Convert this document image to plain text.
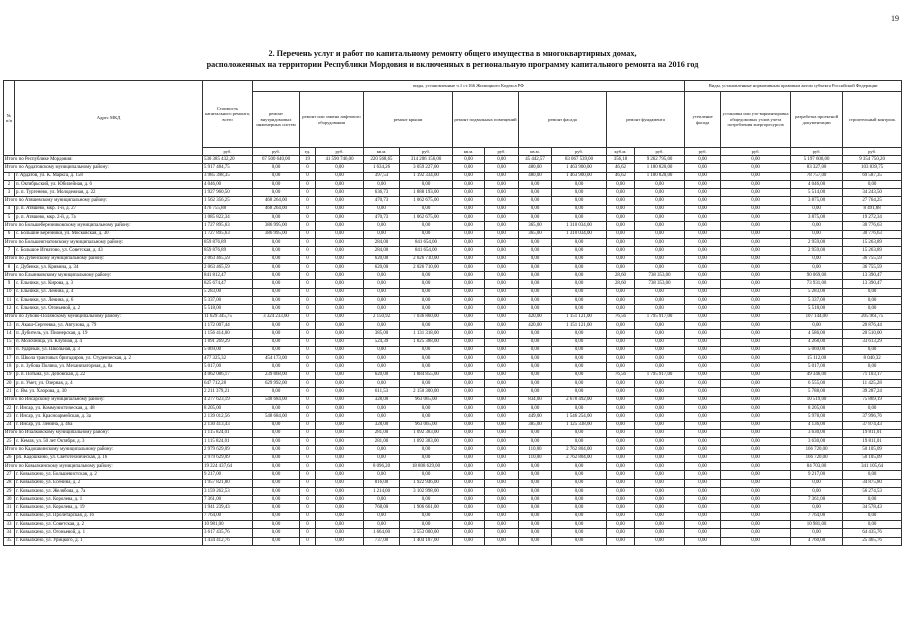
19
2. Перечень услуг и работ по капитальному ремонту общего имущества в многоквартирных домах,
расположенных на территории Республики Мордовия и включенных в региональную программу капитального ремонта на 2016 год
№ п/п	Адрес МКД	Стоимость капитального ремонта, всего	виды, установленные ч.1 ст.166 Жилищного Кодекса РФ											Виды, установленные нормативным правовым актом субъекта Российской Федерации			
			ремонт внутридомовых инженерных систем	ремонт или замена лифтового оборудования		ремонт крыши		ремонт подвальных помещений		ремонт фасада		ремонт фундамента		утепление фасада	установка или узо-вариантировка общедомовых узлов учета потребления энергоресурсов	разработка проектной документации	строительный контроль
		руб.	руб.	ед.	руб.	кв.м.	руб.	кв.м.	руб.	кв.м.	руб.	куб.м.	руб.	руб.	руб.	руб.	руб.
Итого по Республике Мордовия:		530 385 432,20	67 500 640,00	19	41 590 746,00	220 568,65	314 206 156,00	0,00	0,00	45 442,57	83 067 539,00	356,18	9 262 795,00	0,00	0,00	5 197 600,00	9 354 750,20
Итого по Ардатовскому муниципальному району:		5 917 484,75	0,00	0	0,00	1 634,26	3 059 227,00	0,00	0,00	480,00	1 463 900,00	46,62	1 180 820,00	0,00	0,00	83 327,00	103 839,75
1	г. Ардатов, ул. К. Маркса, д. 158	3 985 398,35	0,00	0	0,00	397,53	1 192 334,00	0,00	0,00	480,00	1 463 900,00	46,62	1 180 820,00	0,00	0,00	78 757,00	69 587,35
2	п. Октябрьский, ул. Юбилейная, д. 6	4 046,00	0,00	0	0,00	0,00	0,00	0,00	0,00	0,00	0,00	0,00	0,00	0,00	0,00	4 046,00	0,00
3	р. п. Тургенево, ул. Молодежная, д. 22	1 927 960,50	0,00	0	0,00	636,73	1 888 193,00	0,00	0,00	0,00	0,00	0,00	0,00	0,00	0,00	5 514,00	34 243,50
Итого по Атяшевскому муниципальному району:		1 562 356,25	468 264,00	0	0,00	470,73	1 062 675,00	0,00	0,00	0,00	0,00	0,00	0,00	0,00	0,00	3 875,00	27 764,25
4	р. п. Атяшево, мкр. 1-й, д. 27	476 755,88	468 264,00	0	0,00	0,00	0,00	0,00	0,00	0,00	0,00	0,00	0,00	0,00	0,00	0,00	8 491,88
5	р. п. Атяшево, мкр. 2-й, д. 7а	1 085 822,34	0,00	0	0,00	470,73	1 062 675,00	0,00	0,00	0,00	0,00	0,00	0,00	0,00	0,00	3 875,00	19 272,34
Итого по Большеберезниковскому муниципальному району:		1 727 895,63	386 995,00	0	0,00	0,00	0,00	0,00	0,00	365,00	1 310 034,00	0,00	0,00	0,00	0,00	0,00	30 776,63
6	с. Большие Березники, ул. Московская, д. 30	1 727 895,63	386 995,00	0	0,00	0,00	0,00	0,00	0,00	365,00	1 310 034,00	0,00	0,00	0,00	0,00	0,00	30 776,63
Итого по Большеигнатовскому муниципальному району:		859 876,89	0,00	0	0,00	284,00	841 654,00	0,00	0,00	0,00	0,00	0,00	0,00	0,00	0,00	2 959,00	15 263,89
7	с. Большое Игнатово, ул. Советская, д. 43	859 876,89	0,00	0	0,00	284,00	841 654,00	0,00	0,00	0,00	0,00	0,00	0,00	0,00	0,00	2 959,00	15 263,89
Итого по Дубенскому муниципальному району:		2 063 465,59	0,00	0	0,00	620,00	2 026 710,00	0,00	0,00	0,00	0,00	0,00	0,00	0,00	0,00	0,00	36 755,59
8	с. Дубенки, ул. Кривина, д. 34	2 063 465,59	0,00	0	0,00	620,00	2 026 710,00	0,00	0,00	0,00	0,00	0,00	0,00	0,00	0,00	0,00	36 755,59
Итого по Ельниковскому муниципальному району:		841 812,47	0,00	0	0,00	0,00	0,00	0,00	0,00	0,00	0,00	28,60	738 353,00	0,00	0,00	90 069,00	13 390,47
9	с. Ельники, ул. Кирова, д. 3	825 674,47	0,00	0	0,00	0,00	0,00	0,00	0,00	0,00	0,00	28,60	738 353,00	0,00	0,00	73 931,00	13 390,47
10	с. Ельники, ул. Ленина, д. 4	5 283,00	0,00	0	0,00	0,00	0,00	0,00	0,00	0,00	0,00	0,00	0,00	0,00	0,00	5 283,00	0,00
11	с. Ельники, ул. Ленина, д. 6	5 337,00	0,00	0	0,00	0,00	0,00	0,00	0,00	0,00	0,00	0,00	0,00	0,00	0,00	5 337,00	0,00
12	с. Ельники, ул. Огоньевой, д. 2	5 518,00	0,00	0	0,00	0,00	0,00	0,00	0,00	0,00	0,00	0,00	0,00	0,00	0,00	5 518,00	0,00
Итого по Зубово-Полянскому муниципальному району:		11 629 345,75	3 324 233,00	0	0,00	2 150,92	7 036 860,00	0,00	0,00	420,00	1 151 121,00	76,56	1 795 917,00	0,00	0,00	107 144,00	205 961,75
13	п. Акаш-Сергеевка, ул. Автузова, д. 79	1 172 007,44	0,00	0	0,00	0,00	0,00	0,00	0,00	420,00	1 151 121,00	0,00	0,00	0,00	0,00	0,00	20 876,44
14	п. Дубитель, ул. Пионерская, д. 19	1 156 414,00	0,00	0	0,00	385,00	1 131 318,00	0,00	0,00	0,00	0,00	0,00	0,00	0,00	0,00	4 586,00	20 510,00
15	п. Молочница, ул. Клубная, д. 4	1 891 269,29	0,00	0	0,00	524,39	1 825 388,00	0,00	0,00	0,00	0,00	0,00	0,00	0,00	0,00	4 268,00	33 613,29
16	п. Ударный, ул. Школьная, д. 3	5 069,00	0,00	0	0,00	0,00	0,00	0,00	0,00	0,00	0,00	0,00	0,00	0,00	0,00	5 069,00	0,00
17	п. Школа трактовых бригадиров, ул. Студенческая, д. 2	477 325,32	454 173,00	0	0,00	0,00	0,00	0,00	0,00	0,00	0,00	0,00	0,00	0,00	0,00	15 112,00	8 040,32
18	р. п. Зубова Поляна, ул. Механизаторная, д. 8а	5 017,00	0,00	0	0,00	0,00	0,00	0,00	0,00	0,00	0,00	0,00	0,00	0,00	0,00	5 017,00	0,00
19	р. п. Потьма, ул. Деповская, д. 22	4 062 086,17	239 868,00	0	0,00	620,00	1 884 855,00	0,00	0,00	0,00	0,00	76,56	1 795 917,00	0,00	0,00	49 346,00	71 103,17
20	р. п. Умет, ул. Озерная, д. 4	647 712,28	629 992,00	0	0,00	0,00	0,00	0,00	0,00	0,00	0,00	0,00	0,00	0,00	0,00	6 555,00	11 425,28
21	с. Ям. ул. Хлорова, д. 30	2 211 379,21	0,00	0	0,00	611,53	2 150 300,00	0,00	0,00	0,00	0,00	0,00	0,00	0,00	0,00	5 788,00	39 287,24
Итого по Инсарскому муниципальному району:		4 277 623,19	548 684,00	0	0,00	328,00	963 065,00	0,00	0,00	834,00	2 678 492,00	0,00	0,00	0,00	0,00	10 519,00	75 869,19
22	г. Инсар, ул. Коммунистическая, д. 48	8 205,00	0,00	0	0,00	0,00	0,00	0,00	0,00	0,00	0,00	0,00	0,00	0,00	0,00	8 205,00	0,00
23	г. Инсар, ул. Красноармейская, д. 3а	2 139 012,56	548 684,00	0	0,00	0,00	0,00	0,00	0,00	449,00	1 546 254,00	0,00	0,00	0,00	0,00	5 978,00	37 996,76
24	г. Инсар, ул. Ленина, д. 46а	2 130 413,43	0,00	0	0,00	328,00	963 065,00	0,00	0,00	385,00	1 125 338,00	0,00	0,00	0,00	0,00	4 136,00	37 874,43
Итого по Ичалковскому муниципальному району:		1 115 824,01	0,00	0	0,00	281,00	1 092 383,00	0,00	0,00	0,00	0,00	0,00	0,00	0,00	0,00	3 630,00	19 811,01
25	с. Кемля, ул. 50 лет Октября, д. 3	1 115 824,01	0,00	0	0,00	281,00	1 092 383,00	0,00	0,00	0,00	0,00	0,00	0,00	0,00	0,00	3 630,00	19 811,01
Итого по Кадошкинскому муниципальному району:		2 979 629,09	0,00	0	0,00	0,00	0,00	0,00	0,00	110,00	2 762 804,00	0,00	0,00	0,00	0,00	166 720,00	50 105,09
26	рп. Кадошкино, ул. Светотехническая, д. 16	2 979 629,09	0,00	0	0,00	0,00	0,00	0,00	0,00	110,00	2 762 804,00	0,00	0,00	0,00	0,00	166 720,00	50 105,09
Итого по Ковылкинскому муниципальному району:		19 224 437,64	0,00	0	0,00	8 096,20	18 808 629,00	0,00	0,00	0,00	0,00	0,00	0,00	0,00	0,00	84 703,00	341 105,64
27	г. Ковылкино, ул. Большевистская, д. 2	9 217,00	0,00	0	0,00	0,00	0,00	0,00	0,00	0,00	0,00	0,00	0,00	0,00	0,00	9 217,00	0,00
28	г. Ковылкино, ул. Есенина, д. 2	1 957 821,80	0,00	0	0,00	816,00	1 922 946,00	0,00	0,00	0,00	0,00	0,00	0,00	0,00	0,00	0,00	34 875,80
29	г. Ковылкино, ул. Желябова, д. 7а	3 159 262,53	0,00	0	0,00	1 214,00	3 102 998,00	0,00	0,00	0,00	0,00	0,00	0,00	0,00	0,00	0,00	56 274,53
30	г. Ковылкино, ул. Королева, д. 1	7 361,00	0,00	0	0,00	0,00	0,00	0,00	0,00	0,00	0,00	0,00	0,00	0,00	0,00	7 361,00	0,00
31	г. Ковылкино, ул. Королева, д. 19	1 941 239,43	0,00	0	0,00	768,00	1 906 661,00	0,00	0,00	0,00	0,00	0,00	0,00	0,00	0,00	0,00	34 578,43
32	г. Ковылкино, ул. Пролетарская, д. 16	7 764,00	0,00	0	0,00	0,00	0,00	0,00	0,00	0,00	0,00	0,00	0,00	0,00	0,00	7 764,00	0,00
33	г. Ковылкино, ул. Советская, д. 2	10 981,00	0,00	0	0,00	0,00	0,00	0,00	0,00	0,00	0,00	0,00	0,00	0,00	0,00	10 981,00	0,00
34	г. Ковылкино, ул. Огоньевой, д. 1	3 617 435,76	0,00	0	0,00	1 664,00	3 553 000,00	0,00	0,00	0,00	0,00	0,00	0,00	0,00	0,00	0,00	64 435,76
35	г. Ковылкино, ул. Урицкого, д. 1	1 434 412,76	0,00	0	0,00	737,00	1 404 187,00	0,00	0,00	0,00	0,00	0,00	0,00	0,00	0,00	4 760,00	25 465,76
